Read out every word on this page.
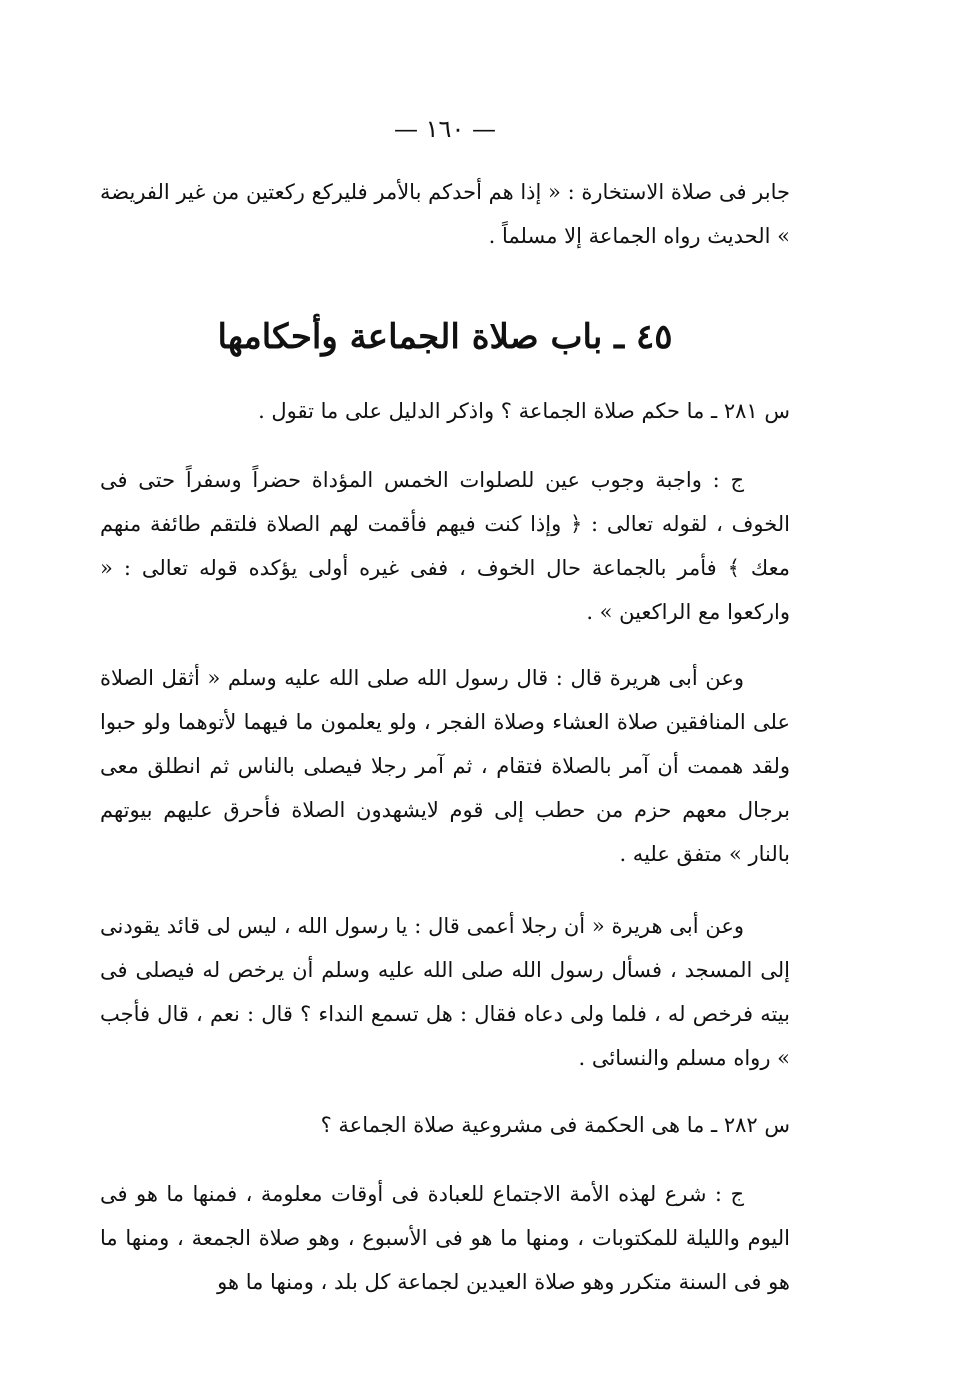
— ١٦٠ —

جابر فى صلاة الاستخارة : « إذا هم أحدكم بالأمر فليركع ركعتين من غير الفريضة » الحديث رواه الجماعة إلا مسلماً .

٤٥ ـ باب صلاة الجماعة وأحكامها

س ٢٨١ ـ ما حكم صلاة الجماعة ؟ واذكر الدليل على ما تقول .

ج : واجبة وجوب عين للصلوات الخمس المؤداة حضراً وسفراً حتى فى الخوف ، لقوله تعالى : ﴿ وإذا كنت فيهم فأقمت لهم الصلاة فلتقم طائفة منهم معك ﴾ فأمر بالجماعة حال الخوف ، ففى غيره أولى يؤكده قوله تعالى : « واركعوا مع الراكعين » .

وعن أبى هريرة قال : قال رسول الله صلى الله عليه وسلم « أثقل الصلاة على المنافقين صلاة العشاء وصلاة الفجر ، ولو يعلمون ما فيهما لأتوهما ولو حبوا ولقد هممت أن آمر بالصلاة فتقام ، ثم آمر رجلا فيصلى بالناس ثم انطلق معى برجال معهم حزم من حطب إلى قوم لايشهدون الصلاة فأحرق عليهم بيوتهم بالنار » متفق عليه .

وعن أبى هريرة « أن رجلا أعمى قال : يا رسول الله ، ليس لى قائد يقودنى إلى المسجد ، فسأل رسول الله صلى الله عليه وسلم أن يرخص له فيصلى فى بيته فرخص له ، فلما ولى دعاه فقال : هل تسمع النداء ؟ قال : نعم ، قال فأجب » رواه مسلم والنسائى .

س ٢٨٢ ـ ما هى الحكمة فى مشروعية صلاة الجماعة ؟

ج : شرع لهذه الأمة الاجتماع للعبادة فى أوقات معلومة ، فمنها ما هو فى اليوم والليلة للمكتوبات ، ومنها ما هو فى الأسبوع ، وهو صلاة الجمعة ، ومنها ما هو فى السنة متكرر وهو صلاة العيدين لجماعة كل بلد ، ومنها ما هو
